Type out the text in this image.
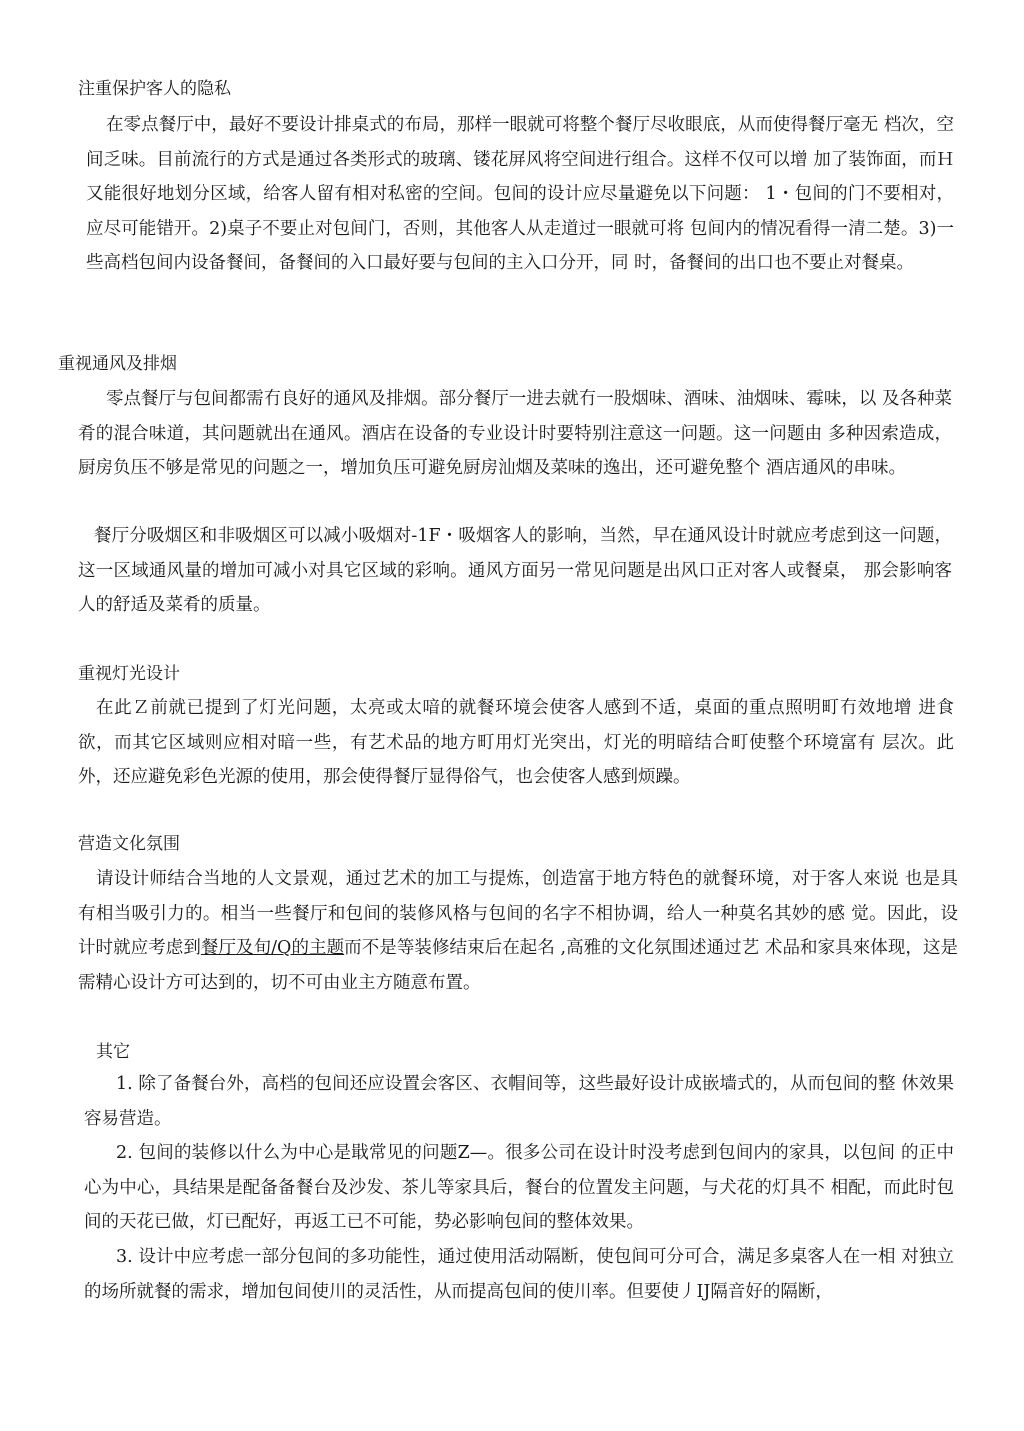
注重保护客人的隐私

在零点餐厅中，最好不要设计排桌式的布局，那样一眼就可将整个餐厅尽收眼底，从而使得餐厅毫无 档次，空间乏味。目前流行的方式是通过各类形式的玻璃、镂花屏风将空间进行组合。这样不仅可以增 加了装饰面，而Ｈ又能很好地划分区域，给客人留有相对私密的空间。包间的设计应尽量避免以下问题： 1・包间的门不要相对，应尽可能错开。2)桌子不要止对包间门，否则，其他客人从走道过一眼就可将 包间内的情况看得一清二楚。3)一些高档包间内设备餐间，备餐间的入口最好要与包间的主入口分开，同 时，备餐间的出口也不要止对餐桌。

重视通风及排烟

零点餐厅与包间都需冇良好的通风及排烟。部分餐厅一进去就冇一股烟味、酒味、油烟味、霉味，以 及各种菜肴的混合味道，其问题就出在通风。酒店在设备的专业设计时要特别注意这一问题。这一问题由 多种因索造成，厨房负压不够是常见的问题之一，增加负压可避免厨房汕烟及菜味的逸出，还可避免整个 酒店通风的串味。

餐厅分吸烟区和非吸烟区可以减小吸烟对-1F・吸烟客人的影响，当然，早在通风设计时就应考虑到这一问题，这一区域通风量的增加可减小对具它区域的彩响。通风方面另一常见问题是出风口正对客人或餐桌， 那会影响客人的舒适及菜肴的质量。

重视灯光设计

在此Ｚ前就已提到了灯光问题，太亮或太喑的就餐环境会使客人感到不适，桌面的重点照明町冇效地增 进食欲，而其它区域则应相对暗一些，有艺术品的地方町用灯光突出，灯光的明暗结合町使整个环境富有 层次。此外，还应避免彩色光源的使用，那会使得餐厅显得俗气，也会使客人感到烦躁。

营造文化氛围

请设计师结合当地的人文景观，通过艺术的加工与提炼，创造富于地方特色的就餐环境，对于客人來说 也是具有相当吸引力的。相当一些餐厅和包间的装修风格与包间的名字不相协调，给人一种莫名其妙的感 觉。因此，设计时就应考虑到餐厅及旬/Q的主题而不是等装修结束后在起名 ,高雅的文化氛围述通过艺 术品和家具來体现，这是需精心设计方可达到的，切不可由业主方随意布置。

其它

1. 除了备餐台外，高档的包间还应设置会客区、衣帽间等，这些最好设计成嵌墙式的，从而包间的整 休效果容易营造。

2. 包间的装修以什么为中心是戢常见的问题Z—。很多公司在设计时没考虑到包间内的家具，以包间 的正中心为中心，具结果是配备备餐台及沙发、茶儿等家具后，餐台的位置发主问题，与犬花的灯具不 相配，而此时包间的天花已做，灯已配好，再返工已不可能，势必影响包间的整体效果。

3. 设计中应考虑一部分包间的多功能性，通过使用活动隔断，使包间可分可合，满足多桌客人在一相 对独立的场所就餐的需求，增加包间使川的灵活性，从而提高包间的使川率。但要使丿IJ隔音好的隔断，
